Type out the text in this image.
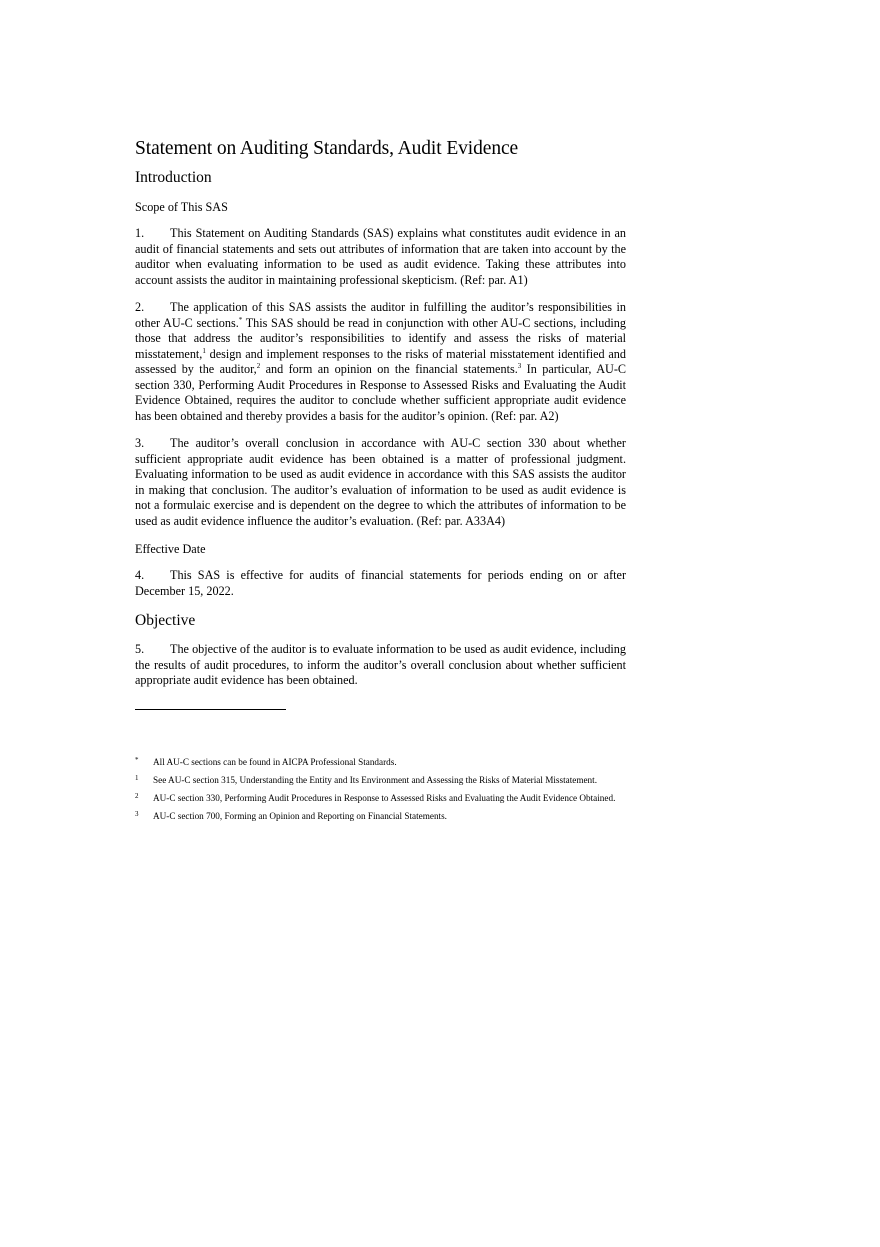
Statement on Auditing Standards, Audit Evidence
Introduction
Scope of This SAS

1. This Statement on Auditing Standards (SAS) explains what constitutes audit evidence in an audit of financial statements and sets out attributes of information that are taken into account by the auditor when evaluating information to be used as audit evidence. Taking these attributes into account assists the auditor in maintaining professional skepticism. (Ref: par. A1)

2. The application of this SAS assists the auditor in fulfilling the auditor’s responsibilities in other AU-C sections.* This SAS should be read in conjunction with other AU-C sections, including those that address the auditor’s responsibilities to identify and assess the risks of material misstatement,$^1$ design and implement responses to the risks of material misstatement identified and assessed by the auditor,$^2$ and form an opinion on the financial statements.$^3$ In particular, AU-C section 330, Performing Audit Procedures in Response to Assessed Risks and Evaluating the Audit Evidence Obtained, requires the auditor to conclude whether sufficient appropriate audit evidence has been obtained and thereby provides a basis for the auditor’s opinion. (Ref: par. A2)

3. The auditor’s overall conclusion in accordance with AU-C section 330 about whether sufficient appropriate audit evidence has been obtained is a matter of professional judgment. Evaluating information to be used as audit evidence in accordance with this SAS assists the auditor in making that conclusion. The auditor’s evaluation of information to be used as audit evidence is not a formulaic exercise and is dependent on the degree to which the attributes of information to be used as audit evidence influence the auditor’s evaluation. (Ref: par. A33A4)

Effective Date

4. This SAS is effective for audits of financial statements for periods ending on or after December 15, 2022.

Objective

5. The objective of the auditor is to evaluate information to be used as audit evidence, including the results of audit procedures, to inform the auditor’s overall conclusion about whether sufficient appropriate audit evidence has been obtained.

* All AU-C sections can be found in AICPA Professional Standards.

1 See AU-C section 315, Understanding the Entity and Its Environment and Assessing the Risks of Material Misstatement.

2 AU-C section 330, Performing Audit Procedures in Response to Assessed Risks and Evaluating the Audit Evidence Obtained.

3 AU-C section 700, Forming an Opinion and Reporting on Financial Statements.
